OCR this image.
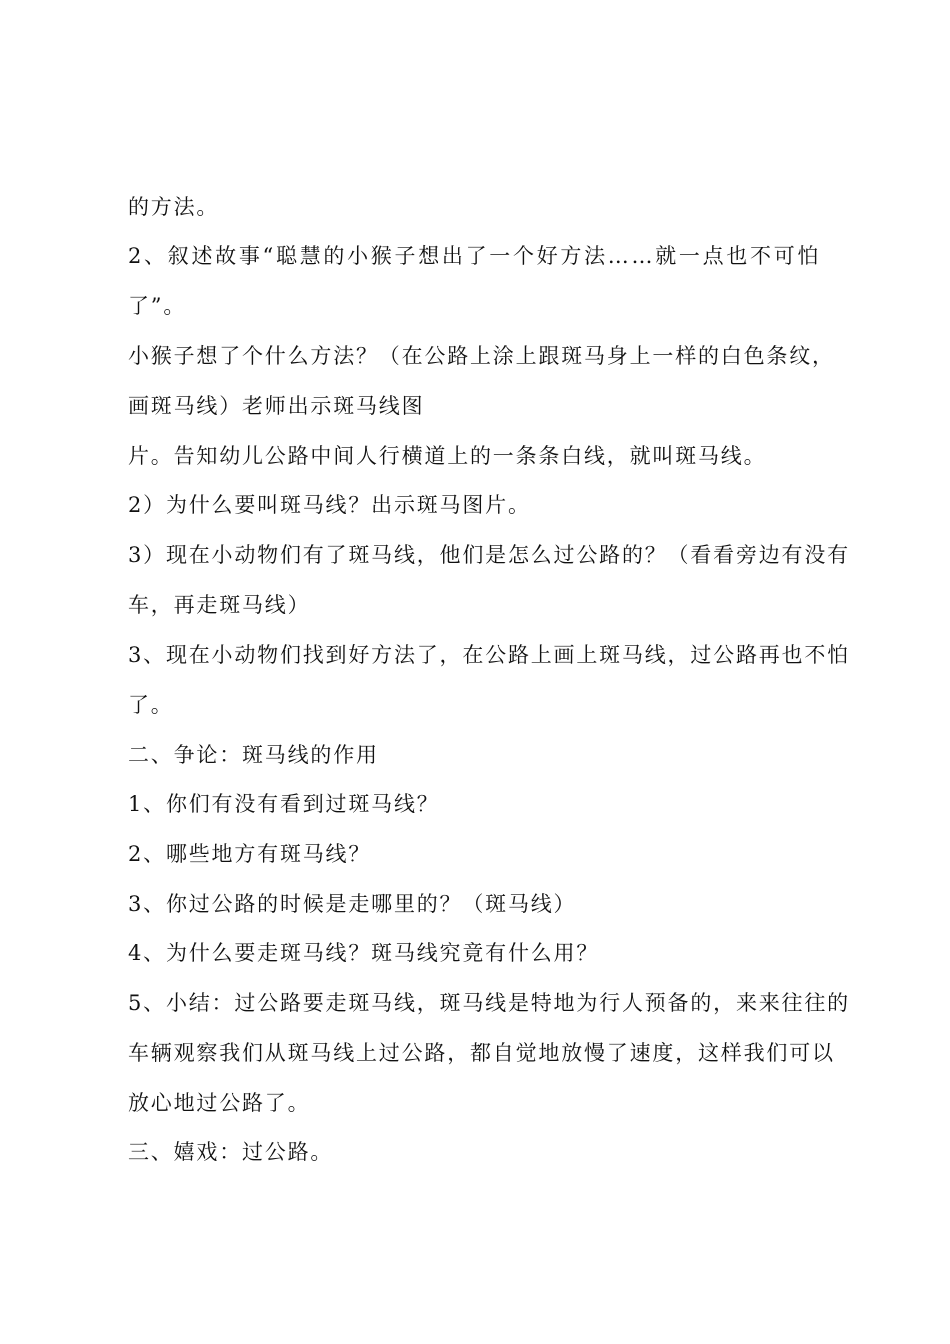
的方法。

2、叙述故事“聪慧的小猴子想出了一个好方法……就一点也不可怕

了”。

小猴子想了个什么方法？（在公路上涂上跟斑马身上一样的白色条纹，

画斑马线）老师出示斑马线图

片。告知幼儿公路中间人行横道上的一条条白线，就叫斑马线。

2）为什么要叫斑马线？出示斑马图片。

3）现在小动物们有了斑马线，他们是怎么过公路的？（看看旁边有没有

车，再走斑马线）

3、现在小动物们找到好方法了，在公路上画上斑马线，过公路再也不怕

了。

二、争论：斑马线的作用

1、你们有没有看到过斑马线？

2、哪些地方有斑马线？

3、你过公路的时候是走哪里的？（斑马线）

4、为什么要走斑马线？斑马线究竟有什么用？

5、小结：过公路要走斑马线，斑马线是特地为行人预备的，来来往往的

车辆观察我们从斑马线上过公路，都自觉地放慢了速度，这样我们可以

放心地过公路了。

三、嬉戏：过公路。
